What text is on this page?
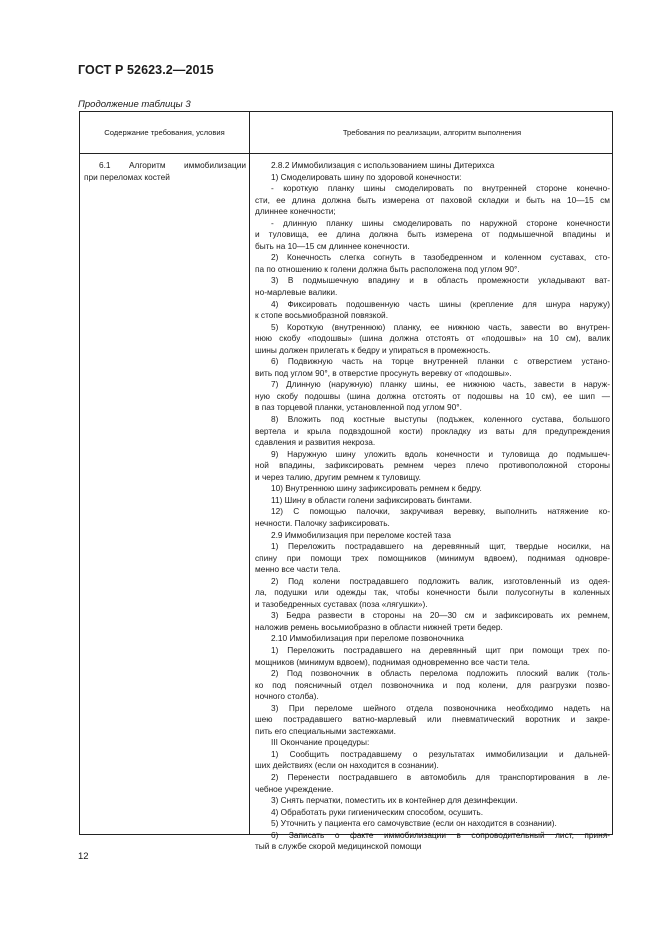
ГОСТ Р 52623.2—2015
Продолжение таблицы 3
Содержание требования, условия	Требования по реализации, алгоритм выполнения
6.1 Алгоритм иммобилизации
при переломах костей
2.8.2 Иммобилизация с использованием шины Дитерихса
1) Смоделировать шину по здоровой конечности:
- короткую планку шины смоделировать по внутренней стороне конечно-
сти, ее длина должна быть измерена от паховой складки и быть на 10—15 см
длиннее конечности;
- длинную планку шины смоделировать по наружной стороне конечности
и туловища, ее длина должна быть измерена от подмышечной впадины и
быть на 10—15 см длиннее конечности.
2) Конечность слегка согнуть в тазобедренном и коленном суставах, сто-
па по отношению к голени должна быть расположена под углом 90°.
3) В подмышечную впадину и в область промежности укладывают ват-
но-марлевые валики.
4) Фиксировать подошвенную часть шины (крепление для шнура наружу)
к стопе восьмиобразной повязкой.
5) Короткую (внутреннюю) планку, ее нижнюю часть, завести во внутрен-
нюю скобу «подошвы» (шина должна отстоять от «подошвы» на 10 см), валик
шины должен прилегать к бедру и упираться в промежность.
6) Подвижную часть на торце внутренней планки с отверстием устано-
вить под углом 90°, в отверстие просунуть веревку от «подошвы».
7) Длинную (наружную) планку шины, ее нижнюю часть, завести в наруж-
ную скобу подошвы (шина должна отстоять от подошвы на 10 см), ее шип —
в паз торцевой планки, установленной под углом 90°.
8) Вложить под костные выступы (подъжек, коленного сустава, большого
вертела и крыла подвздошной кости) прокладку из ваты для предупреждения
сдавления и развития некроза.
9) Наружную шину уложить вдоль конечности и туловища до подмышеч-
ной впадины, зафиксировать ремнем через плечо противоположной стороны
и через талию, другим ремнем к туловищу.
10) Внутреннюю шину зафиксировать ремнем к бедру.
11) Шину в области голени зафиксировать бинтами.
12) С помощью палочки, закручивая веревку, выполнить натяжение ко-
нечности. Палочку зафиксировать.
2.9 Иммобилизация при переломе костей таза
1) Переложить пострадавшего на деревянный щит, твердые носилки, на
спину при помощи трех помощников (минимум вдвоем), поднимая одновре-
менно все части тела.
2) Под колени пострадавшего подложить валик, изготовленный из одея-
ла, подушки или одежды так, чтобы конечности были полусогнуты в коленных
и тазобедренных суставах (поза «лягушки»).
3) Бедра развести в стороны на 20—30 см и зафиксировать их ремнем,
наложив ремень восьмиобразно в области нижней трети бедер.
2.10 Иммобилизация при переломе позвоночника
1) Переложить пострадавшего на деревянный щит при помощи трех по-
мощников (минимум вдвоем), поднимая одновременно все части тела.
2) Под позвоночник в область перелома подложить плоский валик (толь-
ко под поясничный отдел позвоночника и под колени, для разгрузки позво-
ночного столба).
3) При переломе шейного отдела позвоночника необходимо надеть на
шею пострадавшего ватно-марлевый или пневматический воротник и закре-
пить его специальными застежками.
III Окончание процедуры:
1) Сообщить пострадавшему о результатах иммобилизации и дальней-
ших действиях (если он находится в сознании).
2) Перенести пострадавшего в автомобиль для транспортирования в ле-
чебное учреждение.
3) Снять перчатки, поместить их в контейнер для дезинфекции.
4) Обработать руки гигиеническим способом, осушить.
5) Уточнить у пациента его самочувствие (если он находится в сознании).
6) Записать о факте иммобилизации в сопроводительный лист, приня-
тый в службе скорой медицинской помощи
12
